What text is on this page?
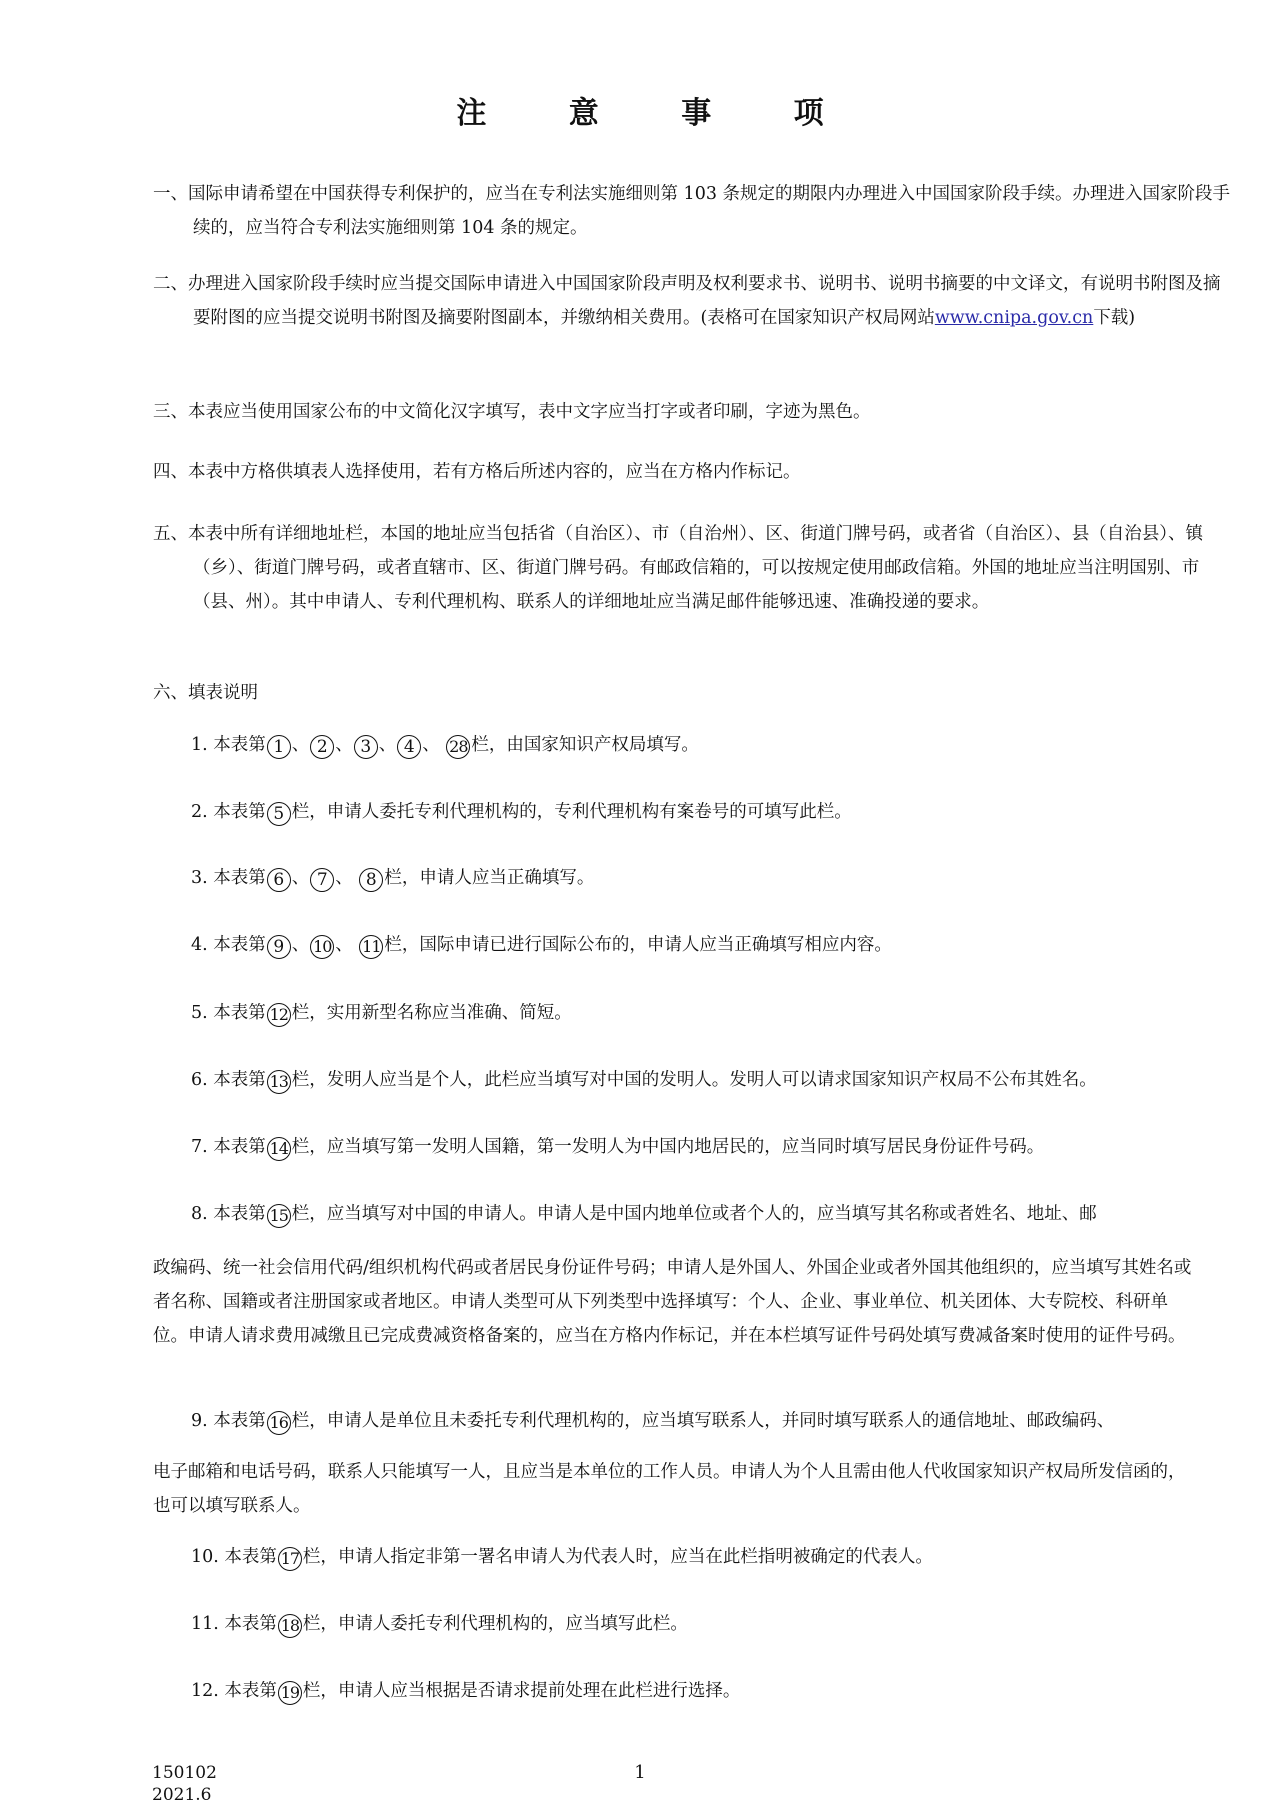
注 意 事 项
一、国际申请希望在中国获得专利保护的，应当在专利法实施细则第 103 条规定的期限内办理进入中国国家阶段手续。办理进入国家阶段手续的，应当符合专利法实施细则第 104 条的规定。
二、办理进入国家阶段手续时应当提交国际申请进入中国国家阶段声明及权利要求书、说明书、说明书摘要的中文译文，有说明书附图及摘要附图的应当提交说明书附图及摘要附图副本，并缴纳相关费用。(表格可在国家知识产权局网站www.cnipa.gov.cn下载)
三、本表应当使用国家公布的中文简化汉字填写，表中文字应当打字或者印刷，字迹为黑色。
四、本表中方格供填表人选择使用，若有方格后所述内容的，应当在方格内作标记。
五、本表中所有详细地址栏，本国的地址应当包括省（自治区）、市（自治州）、区、街道门牌号码，或者省（自治区）、县（自治县）、镇（乡）、街道门牌号码，或者直辖市、区、街道门牌号码。有邮政信箱的，可以按规定使用邮政信箱。外国的地址应当注明国别、市（县、州）。其中申请人、专利代理机构、联系人的详细地址应当满足邮件能够迅速、准确投递的要求。
六、填表说明
1. 本表第 1 、 2 、 3 、 4 、 28 栏，由国家知识产权局填写。
2. 本表第 5 栏，申请人委托专利代理机构的，专利代理机构有案卷号的可填写此栏。
3. 本表第 6 、 7 、 8 栏，申请人应当正确填写。
4. 本表第 9 、 10 、 11 栏，国际申请已进行国际公布的，申请人应当正确填写相应内容。
5. 本表第 12 栏，实用新型名称应当准确、简短。
6. 本表第 13 栏，发明人应当是个人，此栏应当填写对中国的发明人。发明人可以请求国家知识产权局不公布其姓名。
7. 本表第 14 栏，应当填写第一发明人国籍，第一发明人为中国内地居民的，应当同时填写居民身份证件号码。
8. 本表第 15 栏，应当填写对中国的申请人。申请人是中国内地单位或者个人的，应当填写其名称或者姓名、地址、邮
政编码、统一社会信用代码/组织机构代码或者居民身份证件号码；申请人是外国人、外国企业或者外国其他组织的，应当填写其姓名或者名称、国籍或者注册国家或者地区。申请人类型可从下列类型中选择填写：个人、企业、事业单位、机关团体、大专院校、科研单位。申请人请求费用减缴且已完成费减资格备案的，应当在方格内作标记，并在本栏填写证件号码处填写费减备案时使用的证件号码。
9. 本表第 16 栏，申请人是单位且未委托专利代理机构的，应当填写联系人，并同时填写联系人的通信地址、邮政编码、
电子邮箱和电话号码，联系人只能填写一人，且应当是本单位的工作人员。申请人为个人且需由他人代收国家知识产权局所发信函的，也可以填写联系人。
10. 本表第 17 栏，申请人指定非第一署名申请人为代表人时，应当在此栏指明被确定的代表人。
11. 本表第 18 栏，申请人委托专利代理机构的，应当填写此栏。
12. 本表第 19 栏，申请人应当根据是否请求提前处理在此栏进行选择。
150102
2021.6
1
